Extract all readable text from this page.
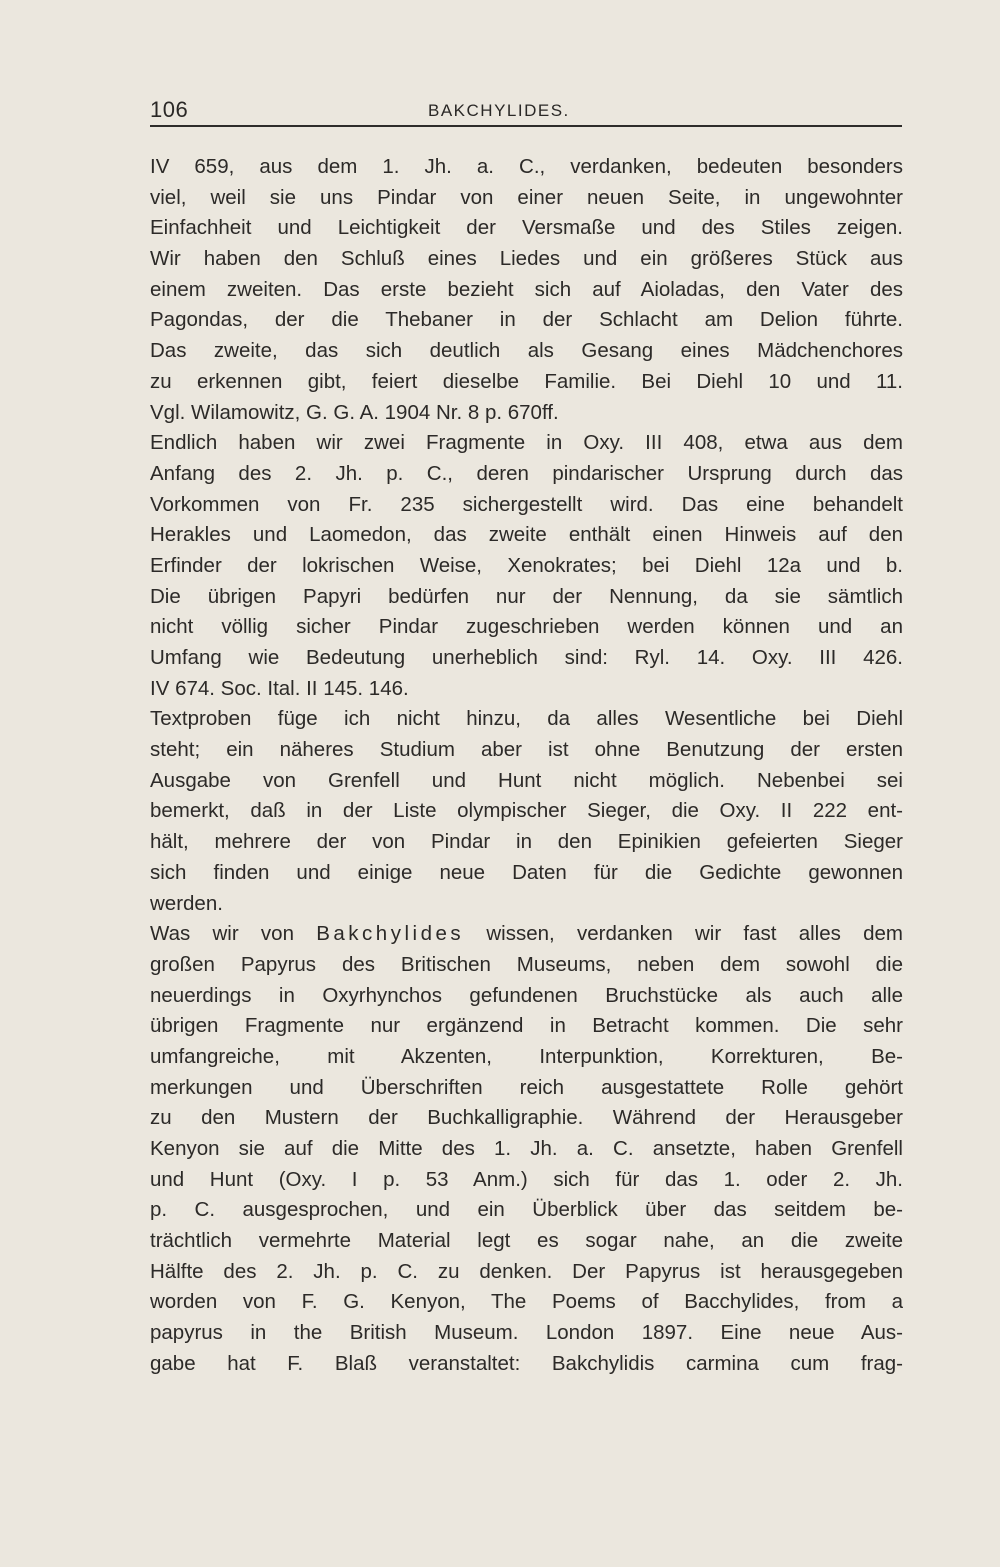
106	BAKCHYLIDES.
IV 659, aus dem 1. Jh. a. C., verdanken, bedeuten besonders
viel, weil sie uns Pindar von einer neuen Seite, in ungewohnter
Einfachheit und Leichtigkeit der Versmaße und des Stiles zeigen.
Wir haben den Schluß eines Liedes und ein größeres Stück aus
einem zweiten. Das erste bezieht sich auf Aioladas, den Vater des
Pagondas, der die Thebaner in der Schlacht am Delion führte.
Das zweite, das sich deutlich als Gesang eines Mädchenchores
zu erkennen gibt, feiert dieselbe Familie. Bei Diehl 10 und 11.
Vgl. Wilamowitz, G. G. A. 1904 Nr. 8 p. 670ff.
Endlich haben wir zwei Fragmente in Oxy. III 408, etwa aus dem
Anfang des 2. Jh. p. C., deren pindarischer Ursprung durch das
Vorkommen von Fr. 235 sichergestellt wird. Das eine behandelt
Herakles und Laomedon, das zweite enthält einen Hinweis auf den
Erfinder der lokrischen Weise, Xenokrates; bei Diehl 12a und b.
Die übrigen Papyri bedürfen nur der Nennung, da sie sämtlich
nicht völlig sicher Pindar zugeschrieben werden können und an
Umfang wie Bedeutung unerheblich sind: Ryl. 14. Oxy. III 426.
IV 674. Soc. Ital. II 145. 146.
Textproben füge ich nicht hinzu, da alles Wesentliche bei Diehl
steht; ein näheres Studium aber ist ohne Benutzung der ersten
Ausgabe von Grenfell und Hunt nicht möglich. Nebenbei sei
bemerkt, daß in der Liste olympischer Sieger, die Oxy. II 222 ent-
hält, mehrere der von Pindar in den Epinikien gefeierten Sieger
sich finden und einige neue Daten für die Gedichte gewonnen
werden.
Was wir von Bakchylides wissen, verdanken wir fast alles dem
großen Papyrus des Britischen Museums, neben dem sowohl die
neuerdings in Oxyrhynchos gefundenen Bruchstücke als auch alle
übrigen Fragmente nur ergänzend in Betracht kommen. Die sehr
umfangreiche, mit Akzenten, Interpunktion, Korrekturen, Be-
merkungen und Überschriften reich ausgestattete Rolle gehört
zu den Mustern der Buchkalligraphie. Während der Herausgeber
Kenyon sie auf die Mitte des 1. Jh. a. C. ansetzte, haben Grenfell
und Hunt (Oxy. I p. 53 Anm.) sich für das 1. oder 2. Jh.
p. C. ausgesprochen, und ein Überblick über das seitdem be-
trächtlich vermehrte Material legt es sogar nahe, an die zweite
Hälfte des 2. Jh. p. C. zu denken. Der Papyrus ist herausgegeben
worden von F. G. Kenyon, The Poems of Bacchylides, from a
papyrus in the British Museum. London 1897. Eine neue Aus-
gabe hat F. Blaß veranstaltet: Bakchylidis carmina cum frag-
